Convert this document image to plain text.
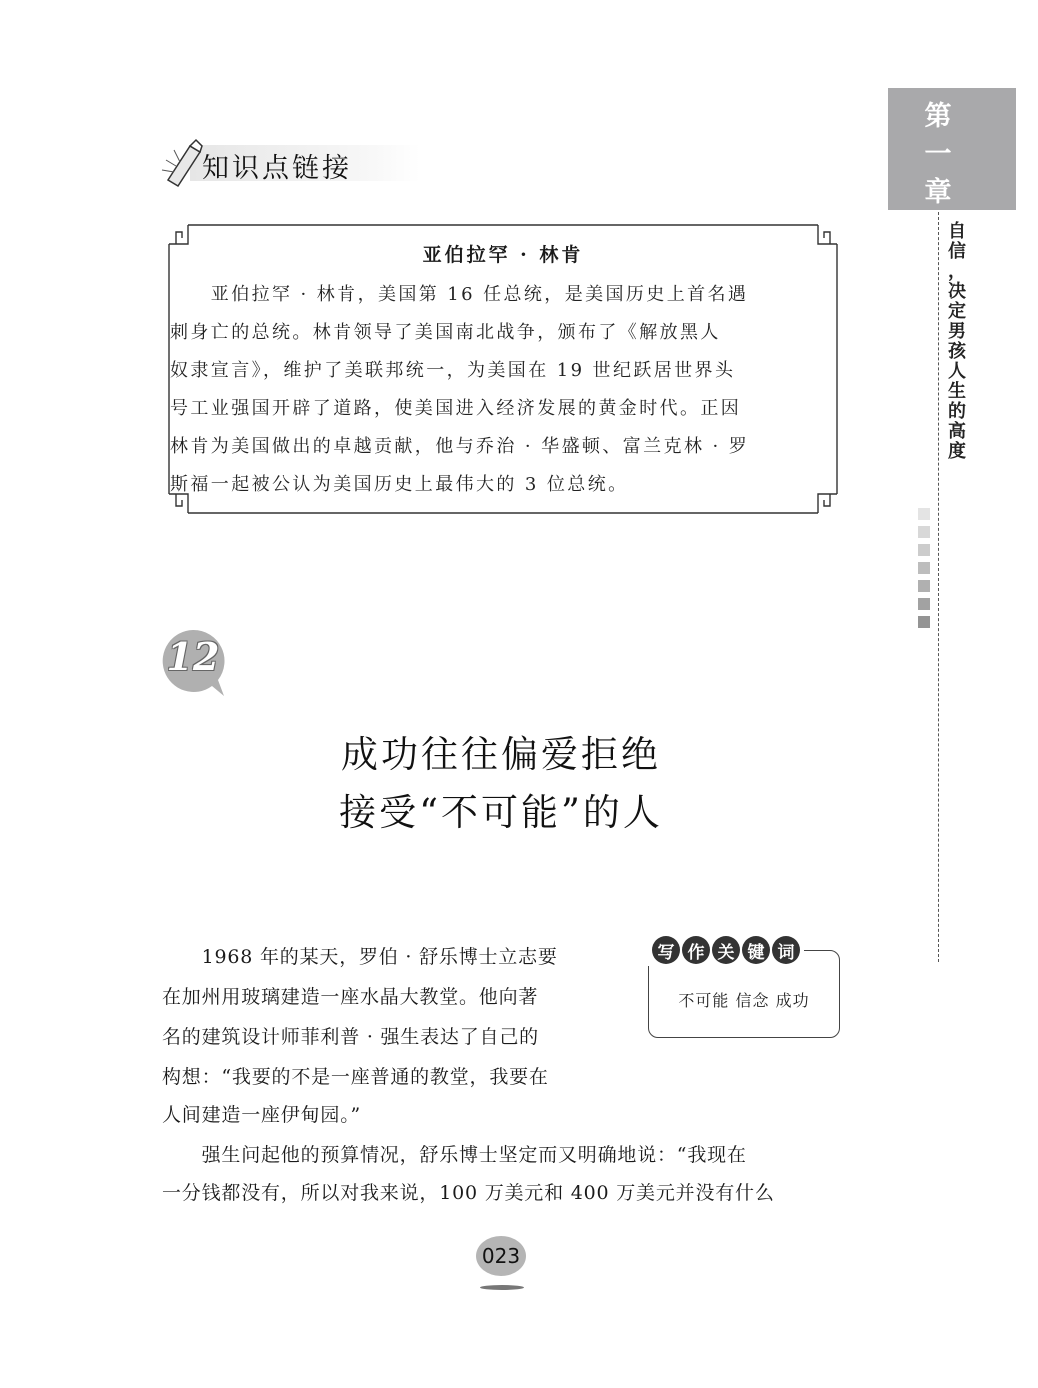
第
一
章
自
信
，
决
定
男
孩
人
生
的
高
度
知识点链接
亚伯拉罕 · 林肯
　　亚伯拉罕 · 林肯，美国第 16 任总统，是美国历史上首名遇
刺身亡的总统。林肯领导了美国南北战争，颁布了《解放黑人
奴隶宣言》，维护了美联邦统一，为美国在 19 世纪跃居世界头
号工业强国开辟了道路，使美国进入经济发展的黄金时代。正因
林肯为美国做出的卓越贡献，他与乔治 · 华盛顿、富兰克林 · 罗
斯福一起被公认为美国历史上最伟大的 3 位总统。
12
成功往往偏爱拒绝
接受“不可能”的人
写 作 关 键 词
不可能 信念 成功
　　1968 年的某天，罗伯 · 舒乐博士立志要
在加州用玻璃建造一座水晶大教堂。他向著
名的建筑设计师菲利普 · 强生表达了自己的
构想：“我要的不是一座普通的教堂，我要在
人间建造一座伊甸园。”
　　强生问起他的预算情况，舒乐博士坚定而又明确地说：“我现在
一分钱都没有，所以对我来说，100 万美元和 400 万美元并没有什么
023
